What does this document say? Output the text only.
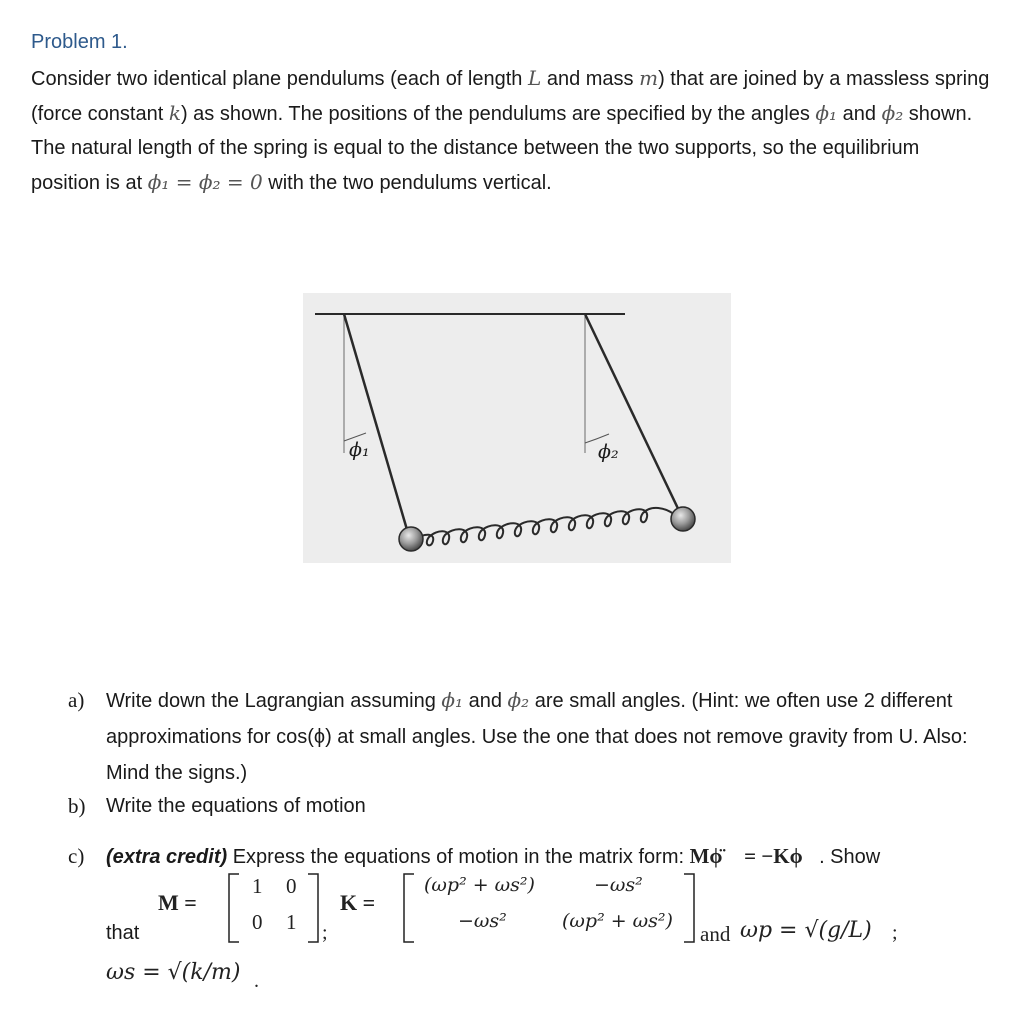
Problem 1.
Consider two identical plane pendulums (each of length L and mass m) that are joined by a massless spring (force constant k) as shown. The positions of the pendulums are specified by the angles ϕ₁ and ϕ₂ shown. The natural length of the spring is equal to the distance between the two supports, so the equilibrium position is at ϕ₁ = ϕ₂ = 0 with the two pendulums vertical.
ϕ₁	ϕ₂
a) Write down the Lagrangian assuming ϕ₁ and ϕ₂ are small angles. (Hint: we often use 2 different approximations for cos(ϕ) at small angles. Use the one that does not remove gravity from U. Also: Mind the signs.)
b) Write the equations of motion
c) (extra credit) Express the equations of motion in the matrix form: Mϕ̈⃗ = −Kϕ⃗. Show
M =
1 0
0 1 ;
K =
(ωp² + ωs²)	−ωs²
−ωs²	(ωp² + ωs²)
and ωp = √(g/L) ;
that
ωs = √(k/m) .
